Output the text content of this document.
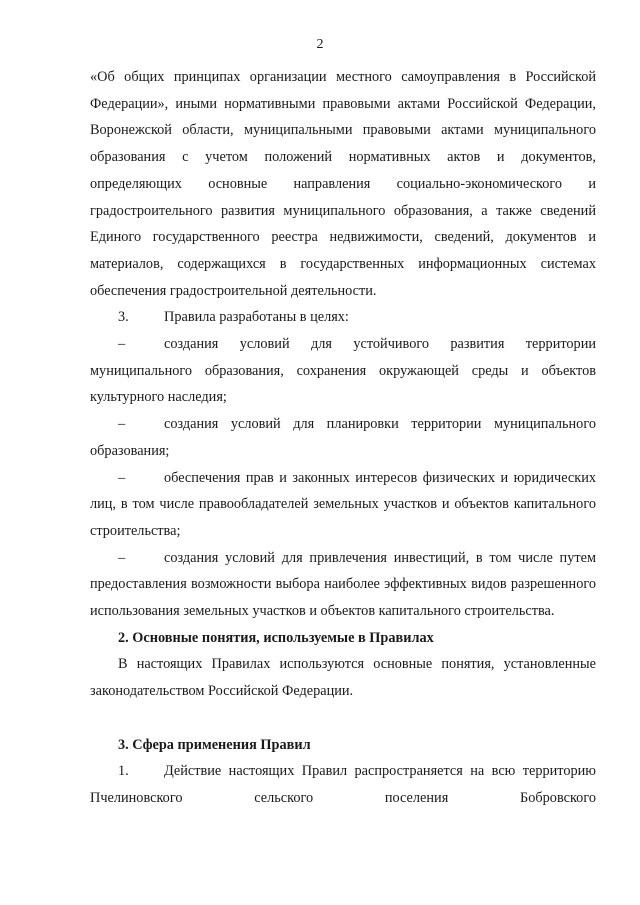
2

«Об общих принципах организации местного самоуправления в Российской Федерации», иными нормативными правовыми актами Российской Федерации, Воронежской области, муниципальными правовыми актами муниципального образования с учетом положений нормативных актов и документов, определяющих основные направления социально-экономического и градостроительного развития муниципального образования, а также сведений Единого государственного реестра недвижимости, сведений, документов и материалов, содержащихся в государственных информационных системах обеспечения градостроительной деятельности.

3. Правила разработаны в целях:

–	создания условий для устойчивого развития территории муниципального образования, сохранения окружающей среды и объектов культурного наследия;

–	создания условий для планировки территории муниципального образования;

–	обеспечения прав и законных интересов физических и юридических лиц, в том числе правообладателей земельных участков и объектов капитального строительства;

–	создания условий для привлечения инвестиций, в том числе путем предоставления возможности выбора наиболее эффективных видов разрешенного использования земельных участков и объектов капитального строительства.

2. Основные понятия, используемые в Правилах

В настоящих Правилах используются основные понятия, установленные законодательством Российской Федерации.

3. Сфера применения Правил

1. Действие настоящих Правил распространяется на всю территорию Пчелиновского сельского поселения Бобровского
